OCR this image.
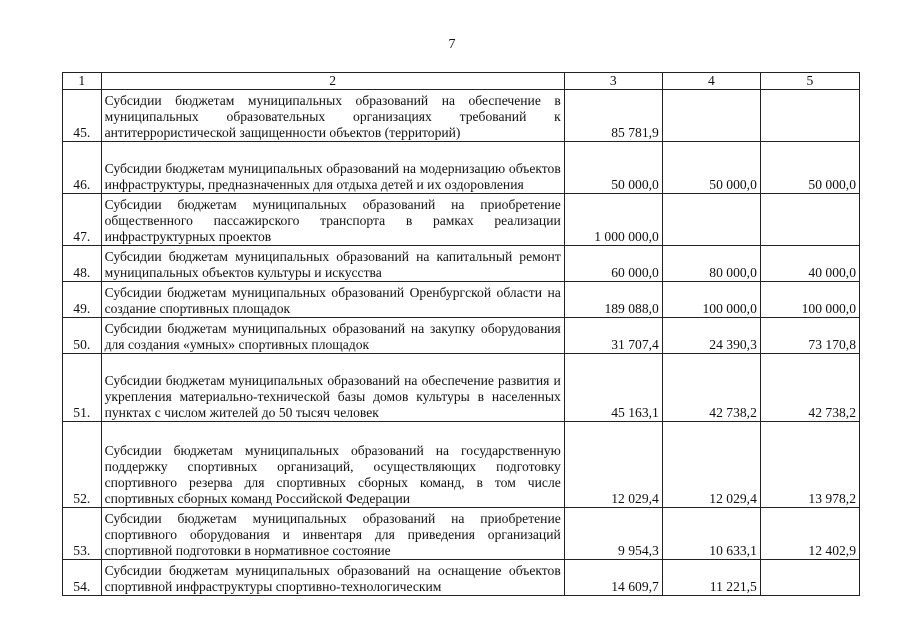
7
1	2	3	4	5
45.	Субсидии бюджетам муниципальных образований на обеспечение в муниципальных образовательных организациях требований к антитеррористической защищенности объектов (территорий)	85 781,9		
46.	Субсидии бюджетам муниципальных образований на модернизацию объектов инфраструктуры, предназначенных для отдыха детей и их оздоровления	50 000,0	50 000,0	50 000,0
47.	Субсидии бюджетам муниципальных образований на приобретение общественного пассажирского транспорта в рамках реализации инфраструктурных проектов	1 000 000,0		
48.	Субсидии бюджетам муниципальных образований на капитальный ремонт муниципальных объектов культуры и искусства	60 000,0	80 000,0	40 000,0
49.	Субсидии бюджетам муниципальных образований Оренбургской области на создание спортивных площадок	189 088,0	100 000,0	100 000,0
50.	Субсидии бюджетам муниципальных образований на закупку оборудования для создания «умных» спортивных площадок	31 707,4	24 390,3	73 170,8
51.	Субсидии бюджетам муниципальных образований на обеспечение развития и укрепления материально-технической базы домов культуры в населенных пунктах с числом жителей до 50 тысяч человек	45 163,1	42 738,2	42 738,2
52.	Субсидии бюджетам муниципальных образований на государственную поддержку спортивных организаций, осуществляющих подготовку спортивного резерва для спортивных сборных команд, в том числе спортивных сборных команд Российской Федерации	12 029,4	12 029,4	13 978,2
53.	Субсидии бюджетам муниципальных образований на приобретение спортивного оборудования и инвентаря для приведения организаций спортивной подготовки в нормативное состояние	9 954,3	10 633,1	12 402,9
54.	Субсидии бюджетам муниципальных образований на оснащение объектов спортивной инфраструктуры спортивно-технологическим	14 609,7	11 221,5	
